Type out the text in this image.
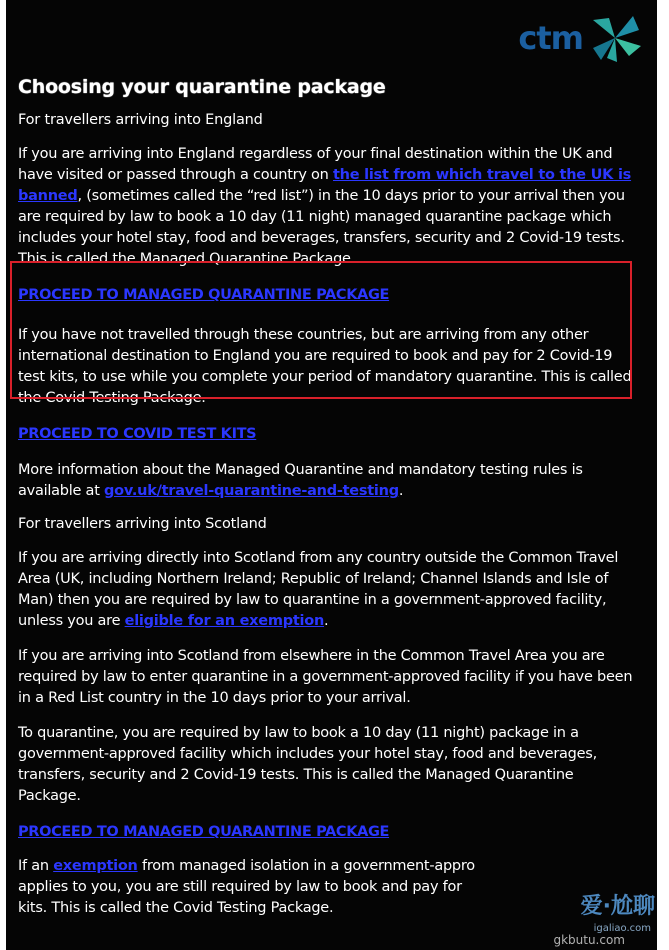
ctm
Choosing your quarantine package
For travellers arriving into England

If you are arriving into England regardless of your final destination within the UK and have visited or passed through a country on the list from which travel to the UK is banned, (sometimes called the “red list”) in the 10 days prior to your arrival then you are required by law to book a 10 day (11 night) managed quarantine package which includes your hotel stay, food and beverages, transfers, security and 2 Covid-19 tests. This is called the Managed Quarantine Package.

PROCEED TO MANAGED QUARANTINE PACKAGE

If you have not travelled through these countries, but are arriving from any other international destination to England you are required to book and pay for 2 Covid-19 test kits, to use while you complete your period of mandatory quarantine. This is called the Covid Testing Package.

PROCEED TO COVID TEST KITS

More information about the Managed Quarantine and mandatory testing rules is available at gov.uk/travel-quarantine-and-testing.

For travellers arriving into Scotland

If you are arriving directly into Scotland from any country outside the Common Travel Area (UK, including Northern Ireland; Republic of Ireland; Channel Islands and Isle of Man) then you are required by law to quarantine in a government-approved facility, unless you are eligible for an exemption.

If you are arriving into Scotland from elsewhere in the Common Travel Area you are required by law to enter quarantine in a government-approved facility if you have been in a Red List country in the 10 days prior to your arrival.

To quarantine, you are required by law to book a 10 day (11 night) package in a government-approved facility which includes your hotel stay, food and beverages, transfers, security and 2 Covid-19 tests. This is called the Managed Quarantine Package.

PROCEED TO MANAGED QUARANTINE PACKAGE

If an exemption from managed isolation in a government-appro
applies to you, you are still required by law to book and pay for
kits. This is called the Covid Testing Package.	爱·尬聊
igaliao.com
gkbutu.com
